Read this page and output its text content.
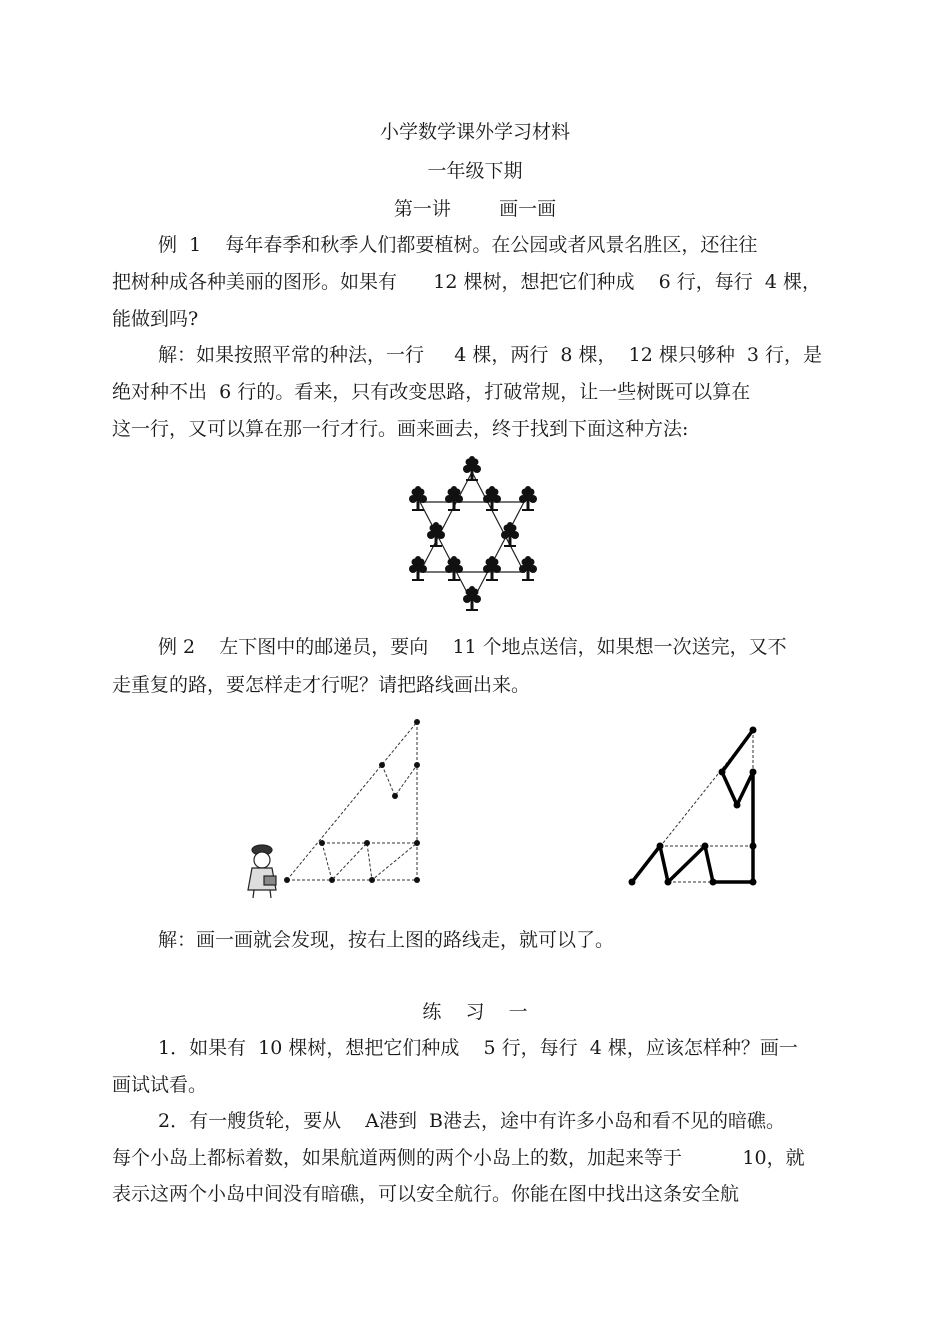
小学数学课外学习材料
一年级下期
第一讲        画一画
例  1    每年春季和秋季人们都要植树。在公园或者风景名胜区，还往往
把树种成各种美丽的图形。如果有      12 棵树，想把它们种成    6 行，每行  4 棵，
能做到吗?
解：如果按照平常的种法，一行     4 棵，两行  8 棵，  12 棵只够种  3 行，是
绝对种不出  6 行的。看来，只有改变思路，打破常规，让一些树既可以算在
这一行，又可以算在那一行才行。画来画去，终于找到下面这种方法:
例 2    左下图中的邮递员，要向    11 个地点送信，如果想一次送完，又不
走重复的路，要怎样走才行呢？请把路线画出来。
解：画一画就会发现，按右上图的路线走，就可以了。
练    习    一
1．如果有  10 棵树，想把它们种成    5 行，每行  4 棵，应该怎样种？画一
画试试看。
2．有一艘货轮，要从    A港到  B港去，途中有许多小岛和看不见的暗礁。
每个小岛上都标着数，如果航道两侧的两个小岛上的数，加起来等于          10，就
表示这两个小岛中间没有暗礁，可以安全航行。你能在图中找出这条安全航
